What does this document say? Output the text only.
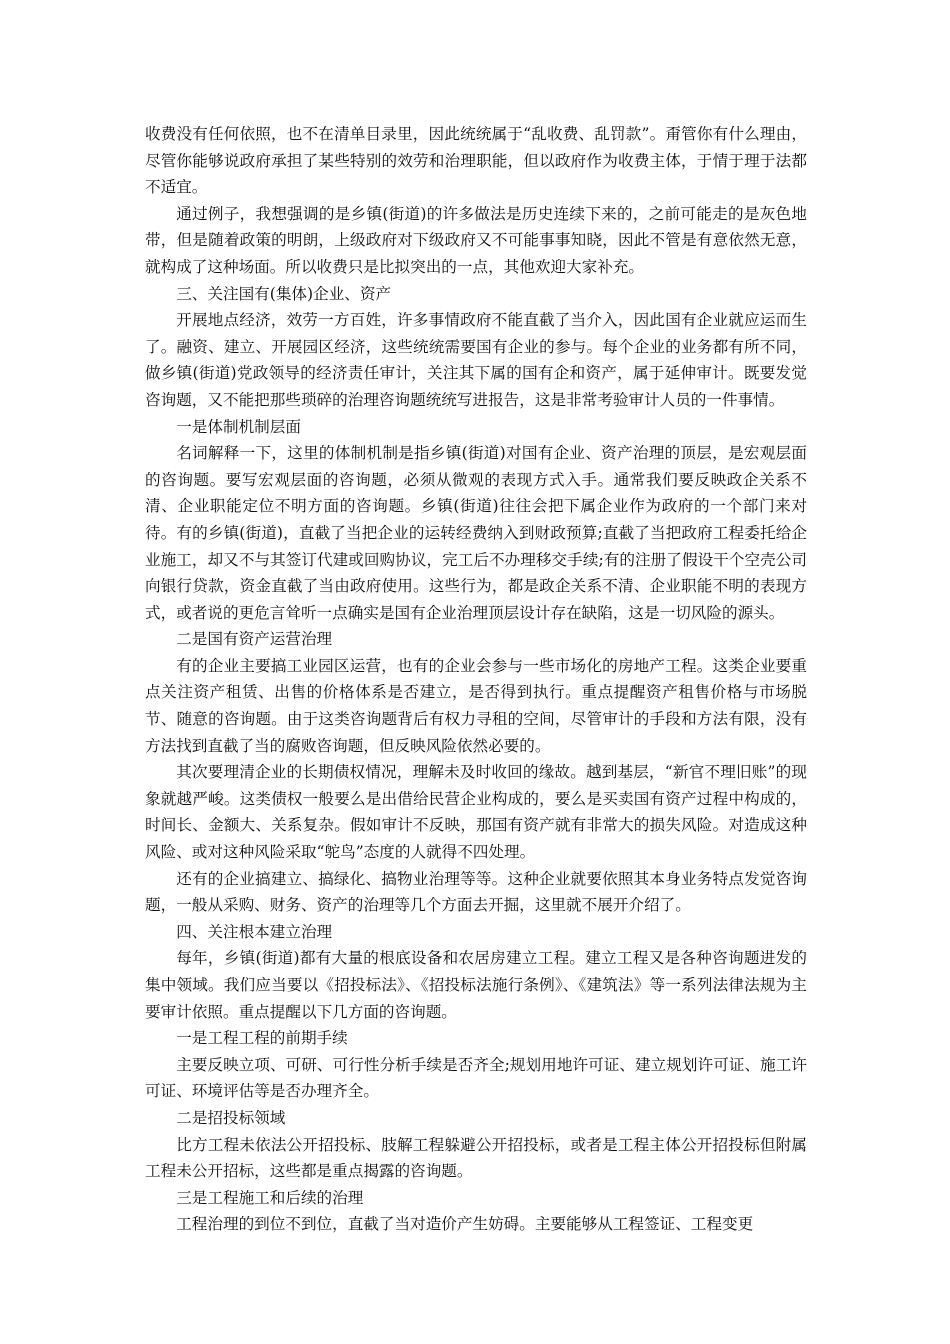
收费没有任何依照，也不在清单目录里，因此统统属于“乱收费、乱罚款”。甭管你有什么理由，尽管你能够说政府承担了某些特别的效劳和治理职能，但以政府作为收费主体，于情于理于法都不适宜。

通过例子，我想强调的是乡镇(街道)的许多做法是历史连续下来的，之前可能走的是灰色地带，但是随着政策的明朗，上级政府对下级政府又不可能事事知晓，因此不管是有意依然无意，就构成了这种场面。所以收费只是比拟突出的一点，其他欢迎大家补充。

三、关注国有(集体)企业、资产

开展地点经济，效劳一方百姓，许多事情政府不能直截了当介入，因此国有企业就应运而生了。融资、建立、开展园区经济，这些统统需要国有企业的参与。每个企业的业务都有所不同，做乡镇(街道)党政领导的经济责任审计，关注其下属的国有企和资产，属于延伸审计。既要发觉咨询题，又不能把那些琐碎的治理咨询题统统写进报告，这是非常考验审计人员的一件事情。

一是体制机制层面

名词解释一下，这里的体制机制是指乡镇(街道)对国有企业、资产治理的顶层，是宏观层面的咨询题。要写宏观层面的咨询题，必须从微观的表现方式入手。通常我们要反映政企关系不清、企业职能定位不明方面的咨询题。乡镇(街道)往往会把下属企业作为政府的一个部门来对待。有的乡镇(街道)，直截了当把企业的运转经费纳入到财政预算;直截了当把政府工程委托给企业施工，却又不与其签订代建或回购协议，完工后不办理移交手续;有的注册了假设干个空壳公司向银行贷款，资金直截了当由政府使用。这些行为，都是政企关系不清、企业职能不明的表现方式，或者说的更危言耸听一点确实是国有企业治理顶层设计存在缺陷，这是一切风险的源头。

二是国有资产运营治理

有的企业主要搞工业园区运营，也有的企业会参与一些市场化的房地产工程。这类企业要重点关注资产租赁、出售的价格体系是否建立，是否得到执行。重点提醒资产租售价格与市场脱节、随意的咨询题。由于这类咨询题背后有权力寻租的空间，尽管审计的手段和方法有限，没有方法找到直截了当的腐败咨询题，但反映风险依然必要的。

其次要理清企业的长期债权情况，理解未及时收回的缘故。越到基层，“新官不理旧账”的现象就越严峻。这类债权一般要么是出借给民营企业构成的，要么是买卖国有资产过程中构成的，时间长、金额大、关系复杂。假如审计不反映，那国有资产就有非常大的损失风险。对造成这种风险、或对这种风险采取“鸵鸟”态度的人就得不四处理。

还有的企业搞建立、搞绿化、搞物业治理等等。这种企业就要依照其本身业务特点发觉咨询题，一般从采购、财务、资产的治理等几个方面去开掘，这里就不展开介绍了。

四、关注根本建立治理

每年，乡镇(街道)都有大量的根底设备和农居房建立工程。建立工程又是各种咨询题进发的集中领域。我们应当要以《招投标法》、《招投标法施行条例》、《建筑法》等一系列法律法规为主要审计依照。重点提醒以下几方面的咨询题。

一是工程工程的前期手续

主要反映立项、可研、可行性分析手续是否齐全;规划用地许可证、建立规划许可证、施工许可证、环境评估等是否办理齐全。

二是招投标领域

比方工程未依法公开招投标、肢解工程躲避公开招投标，或者是工程主体公开招投标但附属工程未公开招标，这些都是重点揭露的咨询题。

三是工程施工和后续的治理

工程治理的到位不到位，直截了当对造价产生妨碍。主要能够从工程签证、工程变更
